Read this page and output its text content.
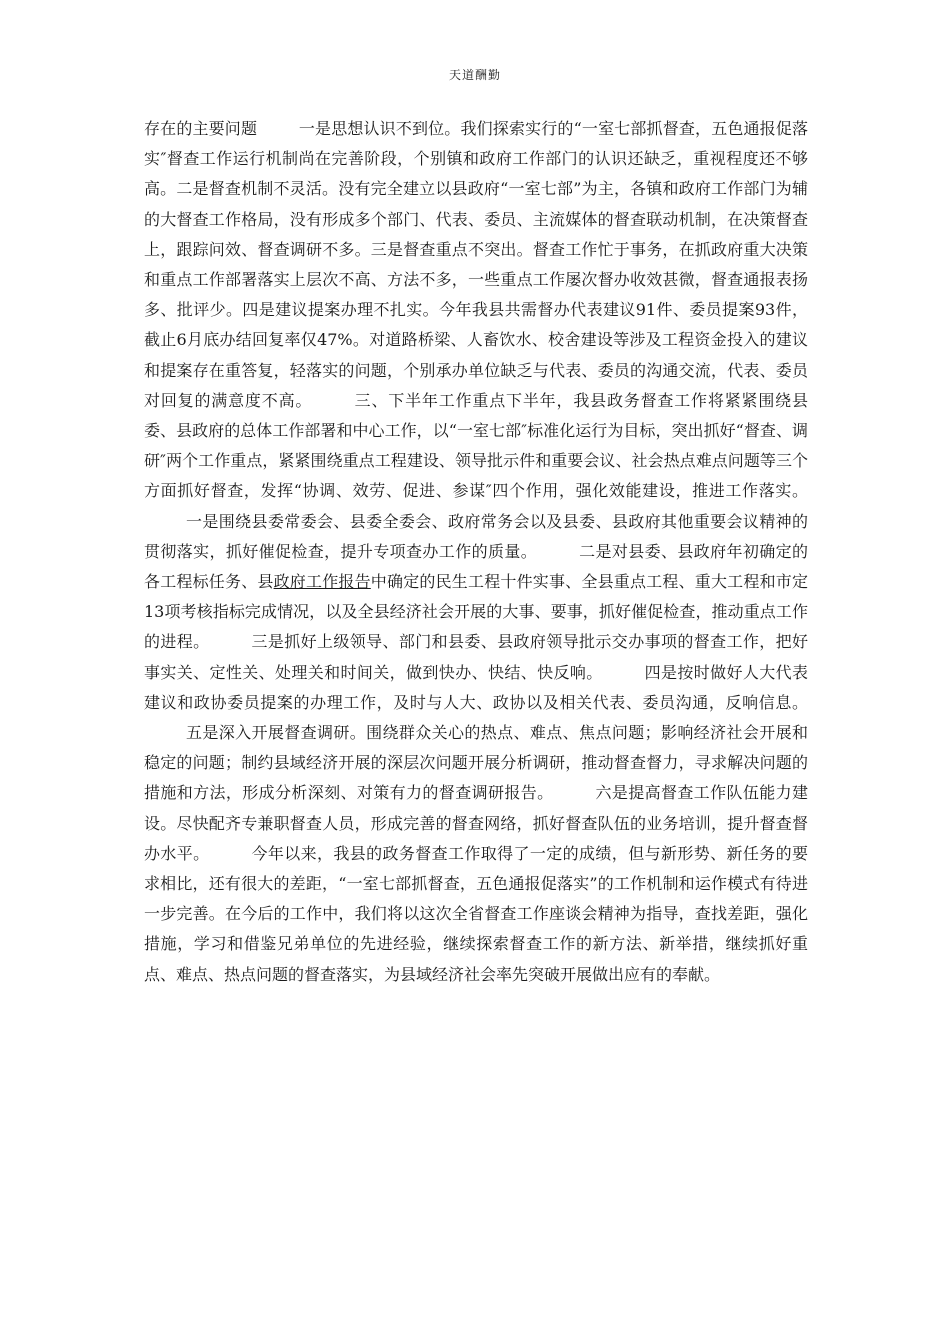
天道酬勤

存在的主要问题	一是思想认识不到位。我们探索实行的“一室七部抓督查，五色通报促落实″督查工作运行机制尚在完善阶段，个别镇和政府工作部门的认识还缺乏，重视程度还不够高。二是督查机制不灵活。没有完全建立以县政府“一室七部”为主，各镇和政府工作部门为辅的大督查工作格局，没有形成多个部门、代表、委员、主流媒体的督查联动机制，在决策督查上，跟踪问效、督查调研不多。三是督查重点不突出。督查工作忙于事务，在抓政府重大决策和重点工作部署落实上层次不高、方法不多，一些重点工作屡次督办收效甚微，督查通报表扬多、批评少。四是建议提案办理不扎实。今年我县共需督办代表建议91件、委员提案93件，截止6月底办结回复率仅47%。对道路桥梁、人畜饮水、校舍建设等涉及工程资金投入的建议和提案存在重答复，轻落实的问题，个别承办单位缺乏与代表、委员的沟通交流，代表、委员对回复的满意度不高。	三、下半年工作重点下半年，我县政务督查工作将紧紧围绕县委、县政府的总体工作部署和中心工作，以“一室七部″标准化运行为目标，突出抓好“督查、调研″两个工作重点，紧紧围绕重点工程建设、领导批示件和重要会议、社会热点难点问题等三个方面抓好督查，发挥“协调、效劳、促进、参谋″四个作用，强化效能建设，推进工作落实。一是围绕县委常委会、县委全委会、政府常务会以及县委、县政府其他重要会议精神的贯彻落实，抓好催促检查，提升专项查办工作的质量。	二是对县委、县政府年初确定的各工程标任务、县政府工作报告中确定的民生工程十件实事、全县重点工程、重大工程和市定13项考核指标完成情况，以及全县经济社会开展的大事、要事，抓好催促检查，推动重点工作的进程。	三是抓好上级领导、部门和县委、县政府领导批示交办事项的督查工作，把好事实关、定性关、处理关和时间关，做到快办、快结、快反响。	四是按时做好人大代表建议和政协委员提案的办理工作，及时与人大、政协以及相关代表、委员沟通，反响信息。五是深入开展督查调研。围绕群众关心的热点、难点、焦点问题；影响经济社会开展和稳定的问题；制约县域经济开展的深层次问题开展分析调研，推动督查督力，寻求解决问题的措施和方法，形成分析深刻、对策有力的督查调研报告。	六是提高督查工作队伍能力建设。尽快配齐专兼职督查人员，形成完善的督查网络，抓好督查队伍的业务培训，提升督查督办水平。	今年以来，我县的政务督查工作取得了一定的成绩，但与新形势、新任务的要求相比，还有很大的差距，“一室七部抓督查，五色通报促落实”的工作机制和运作模式有待进一步完善。在今后的工作中，我们将以这次全省督查工作座谈会精神为指导，查找差距，强化措施，学习和借鉴兄弟单位的先进经验，继续探索督查工作的新方法、新举措，继续抓好重点、难点、热点问题的督查落实，为县域经济社会率先突破开展做出应有的奉献。
